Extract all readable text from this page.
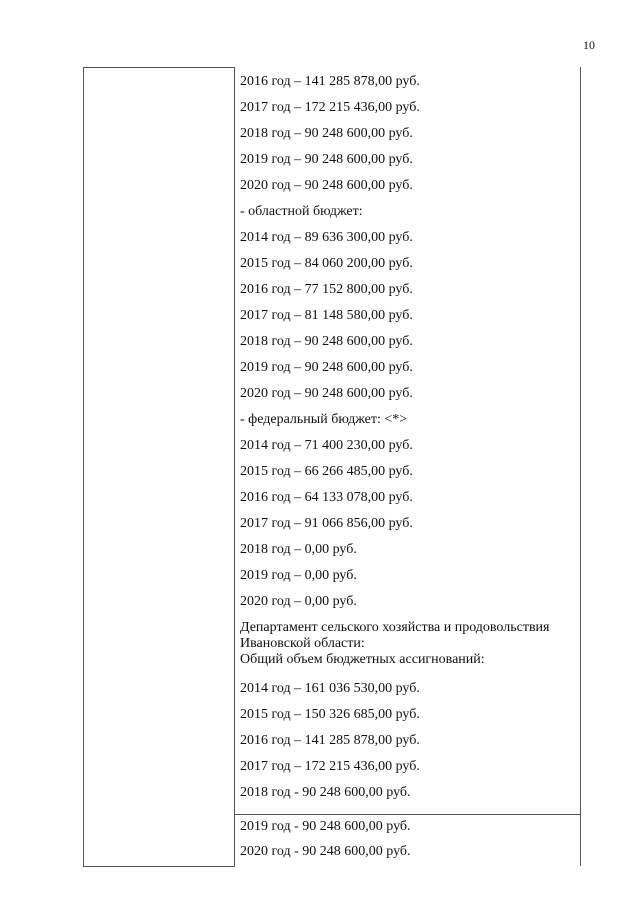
10
2016 год – 141 285 878,00 руб.
2017 год – 172 215 436,00 руб.
2018 год – 90 248 600,00 руб.
2019 год – 90 248 600,00 руб.
2020 год – 90 248 600,00 руб.
- областной бюджет:
2014 год – 89 636 300,00 руб.
2015 год – 84 060 200,00 руб.
2016 год – 77 152 800,00 руб.
2017 год – 81 148 580,00 руб.
2018 год – 90 248 600,00 руб.
2019 год – 90 248 600,00 руб.
2020 год – 90 248 600,00 руб.
- федеральный бюджет: <*>
2014 год – 71 400 230,00 руб.
2015 год – 66 266 485,00 руб.
2016 год – 64 133 078,00 руб.
2017 год – 91 066 856,00 руб.
2018 год – 0,00 руб.
2019 год – 0,00 руб.
2020 год – 0,00 руб.
Департамент сельского хозяйства и продовольствия
Ивановской области:
Общий объем бюджетных ассигнований:
2014 год – 161 036 530,00 руб.
2015 год – 150 326 685,00 руб.
2016 год – 141 285 878,00 руб.
2017 год – 172 215 436,00 руб.
2018 год - 90 248 600,00 руб.
2019 год - 90 248 600,00 руб.
2020 год - 90 248 600,00 руб.
